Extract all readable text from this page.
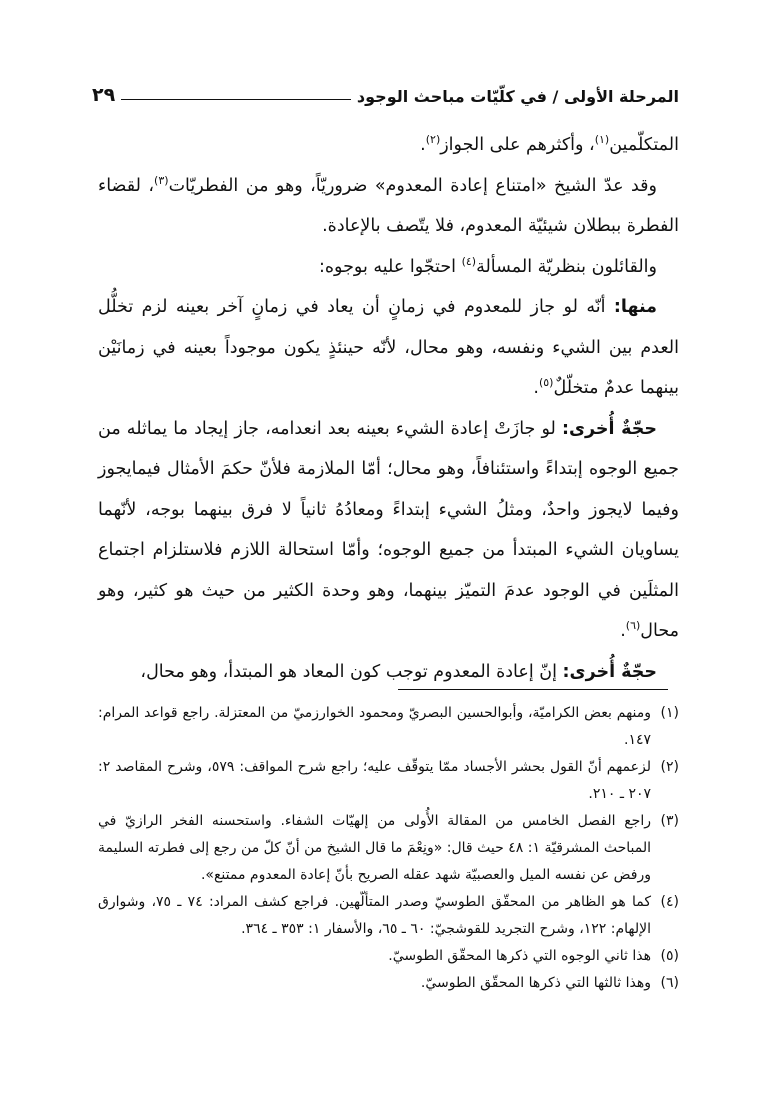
المرحلة الأولى / في كلّيّات مباحث الوجود
٢٩

المتكلّمين$^{(١)}$، وأكثرهم على الجواز$^{(٢)}$.

وقد عدّ الشيخ «امتناع إعادة المعدوم» ضروريّاً، وهو من الفطريّات$^{(٣)}$، لقضاء الفطرة ببطلان شيئيّة المعدوم، فلا يتّصف بالإعادة.

والقائلون بنظريّة المسألة$^{(٤)}$ احتجّوا عليه بوجوه:

منها: أنّه لو جاز للمعدوم في زمانٍ أن يعاد في زمانٍ آخر بعينه لزم تخلُّل العدم بين الشيء ونفسه، وهو محال، لأنّه حينئذٍ يكون موجوداً بعينه في زمانَيْن بينهما عدمٌ متخلّلٌ$^{(٥)}$.

حجّةٌ أُخرى: لو جازَتْ إعادة الشيء بعينه بعد انعدامه، جاز إيجاد ما يماثله من جميع الوجوه إبتداءً واستئنافاً، وهو محال؛ أمّا الملازمة فلأنّ حكمَ الأمثال فيمايجوز وفيما لايجوز واحدٌ، ومثلُ الشيء إبتداءً ومعادُهُ ثانياً لا فرق بينهما بوجه، لأنّهما يساويان الشيء المبتدأ من جميع الوجوه؛ وأمّا استحالة اللازم فلاستلزام اجتماع المثلَين في الوجود عدمَ التميّز بينهما، وهو وحدة الكثير من حيث هو كثير، وهو محال$^{(٦)}$.

حجّةٌ أُخرى: إنّ إعادة المعدوم توجب كون المعاد هو المبتدأ، وهو محال،

(١)ومنهم بعض الكراميّة، وأبوالحسين البصريّ ومحمود الخوارزميّ من المعتزلة. راجع قواعد المرام: ١٤٧.

(٢)لزعمهم أنّ القول بحشر الأجساد ممّا يتوقّف عليه؛ راجع شرح المواقف: ٥٧٩، وشرح المقاصد ٢: ٢٠٧ ـ ٢١٠.

(٣)راجع الفصل الخامس من المقالة الأُولى من إلهيّات الشفاء. واستحسنه الفخر الرازيّ في المباحث المشرقيّة ١: ٤٨ حيث قال: «ونِعْمَ ما قال الشيخ من أنّ كلّ من رجع إلى فطرته السليمة ورفض عن نفسه الميل والعصبيّة شهد عقله الصريح بأنّ إعادة المعدوم ممتنع».

(٤)كما هو الظاهر من المحقّق الطوسيّ وصدر المتألّهين. فراجع كشف المراد: ٧٤ ـ ٧٥، وشوارق الإلهام: ١٢٢، وشرح التجريد للقوشجيّ: ٦٠ ـ ٦٥، والأسفار ١: ٣٥٣ ـ ٣٦٤.

(٥)هذا ثاني الوجوه التي ذكرها المحقّق الطوسيّ.

(٦)وهذا ثالثها التي ذكرها المحقّق الطوسيّ.
